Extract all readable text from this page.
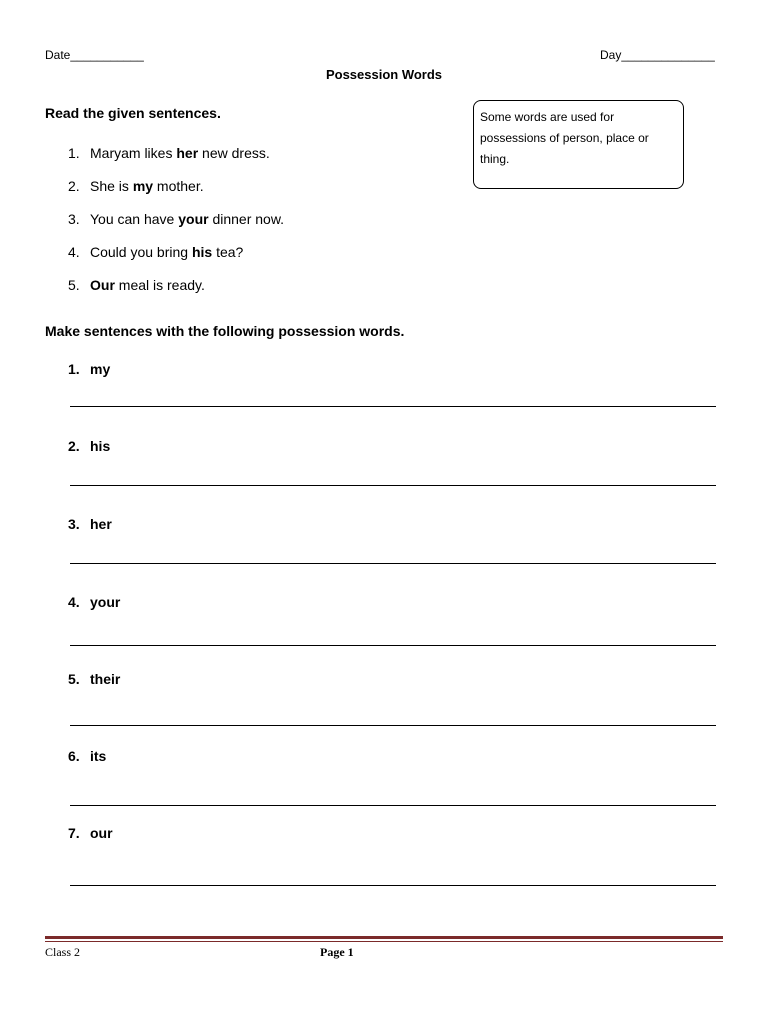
Date___________	Day______________
Possession Words
Read the given sentences.	Some words are used for possessions of person, place or thing.
1. Maryam likes her new dress.
2. She is my mother.
3. You can have your dinner now.
4. Could you bring his tea?
5. Our meal is ready.
Make sentences with the following possession words.
1. my
2. his
3. her
4. your
5. their
6. its
7. our
Class 2	Page 1
